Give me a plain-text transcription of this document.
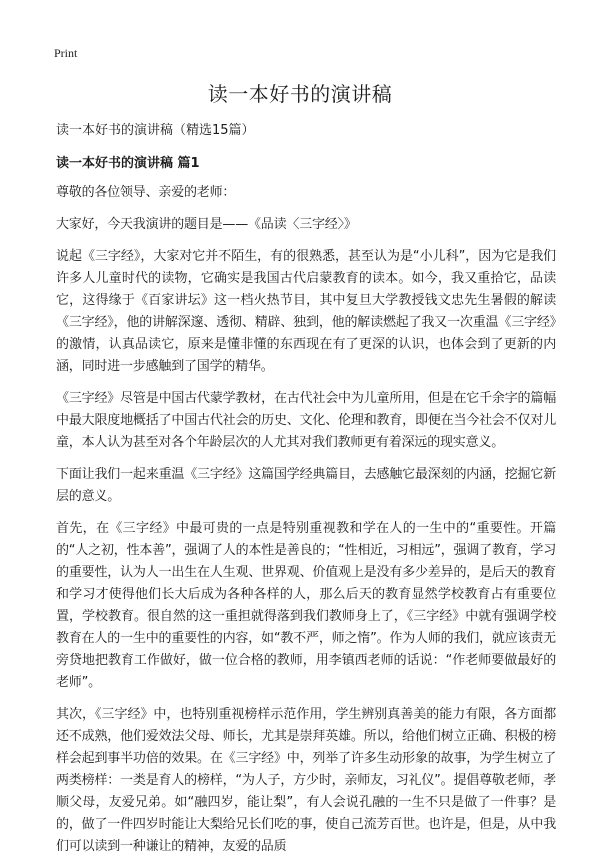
Print
读一本好书的演讲稿

读一本好书的演讲稿（精选15篇）

读一本好书的演讲稿 篇1

尊敬的各位领导、亲爱的老师：

大家好，今天我演讲的题目是——《品读〈三字经〉》

说起《三字经》，大家对它并不陌生，有的很熟悉，甚至认为是“小儿科”，因为它是我们许多人儿童时代的读物，它确实是我国古代启蒙教育的读本。如今，我又重拾它，品读它，这得缘于《百家讲坛》这一档火热节目，其中复旦大学教授钱文忠先生暑假的解读《三字经》，他的讲解深邃、透彻、精辟、独到，他的解读燃起了我又一次重温《三字经》的激情，认真品读它，原来是懂非懂的东西现在有了更深的认识，也体会到了更新的内涵，同时进一步感触到了国学的精华。

《三字经》尽管是中国古代蒙学教材，在古代社会中为儿童所用，但是在它千余字的篇幅中最大限度地概括了中国古代社会的历史、文化、伦理和教育，即便在当今社会不仅对儿童，本人认为甚至对各个年龄层次的人尤其对我们教师更有着深远的现实意义。

下面让我们一起来重温《三字经》这篇国学经典篇目，去感触它最深刻的内涵，挖掘它新层的意义。

首先，在《三字经》中最可贵的一点是特别重视教和学在人的一生中的“重要性。开篇的“人之初，性本善”，强调了人的本性是善良的；“性相近，习相远”，强调了教育，学习的重要性，认为人一出生在人生观、世界观、价值观上是没有多少差异的，是后天的教育和学习才使得他们长大后成为各种各样的人，那么后天的教育显然学校教育占有重要位置，学校教育。很自然的这一重担就得落到我们教师身上了，《三字经》中就有强调学校教育在人的一生中的重要性的内容，如“教不严，师之惰”。作为人师的我们，就应该责无旁贷地把教育工作做好，做一位合格的教师，用李镇西老师的话说：“作老师要做最好的老师”。

其次，《三字经》中，也特别重视榜样示范作用，学生辨别真善美的能力有限，各方面都还不成熟，他们爱效法父母、师长，尤其是崇拜英雄。所以，给他们树立正确、积极的榜样会起到事半功倍的效果。在《三字经》中，列举了许多生动形象的故事，为学生树立了两类榜样：一类是育人的榜样，“为人子，方少时，亲师友，习礼仪”。提倡尊敬老师，孝顺父母，友爱兄弟。如“融四岁，能让梨”，有人会说孔融的一生不只是做了一件事？是的，做了一件四岁时能让大梨给兄长们吃的事，使自己流芳百世。也许是，但是，从中我们可以读到一种谦让的精神，友爱的品质
